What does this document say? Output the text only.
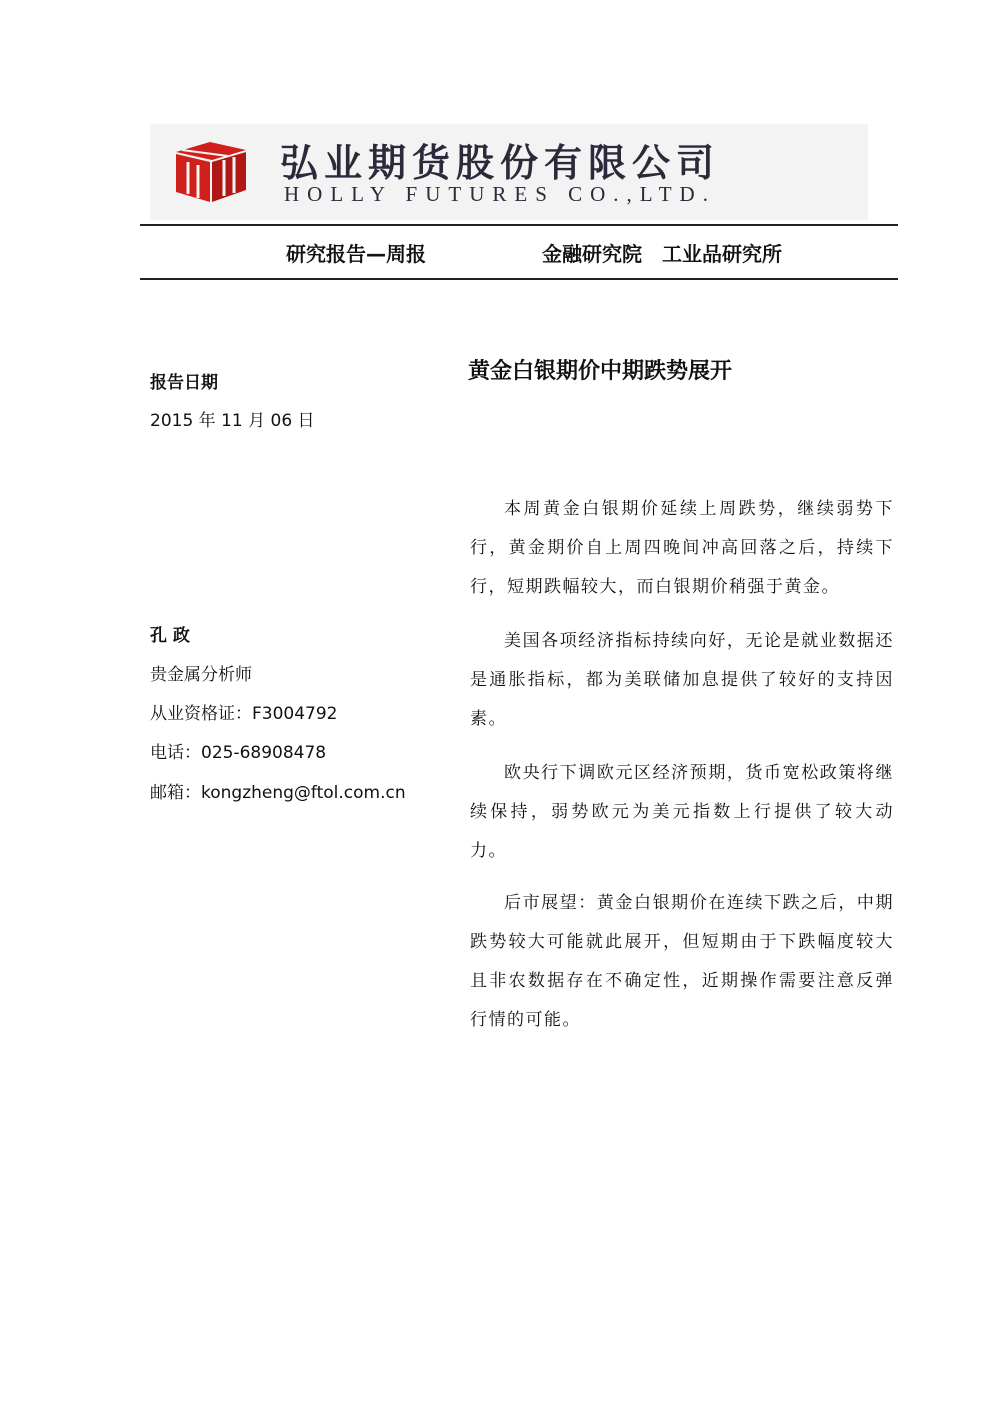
弘业期货股份有限公司
HOLLY FUTURES CO.,LTD.
研究报告—周报	金融研究院　工业品研究所
报告日期
2015 年 11 月 06 日
孔 政
贵金属分析师
从业资格证：F3004792
电话：025-68908478
邮箱：kongzheng@ftol.com.cn
黄金白银期价中期跌势展开

本周黄金白银期价延续上周跌势，继续弱势下行，黄金期价自上周四晚间冲高回落之后，持续下行，短期跌幅较大，而白银期价稍强于黄金。

美国各项经济指标持续向好，无论是就业数据还是通胀指标，都为美联储加息提供了较好的支持因素。

欧央行下调欧元区经济预期，货币宽松政策将继续保持，弱势欧元为美元指数上行提供了较大动力。

后市展望：黄金白银期价在连续下跌之后，中期跌势较大可能就此展开，但短期由于下跌幅度较大且非农数据存在不确定性，近期操作需要注意反弹行情的可能。
